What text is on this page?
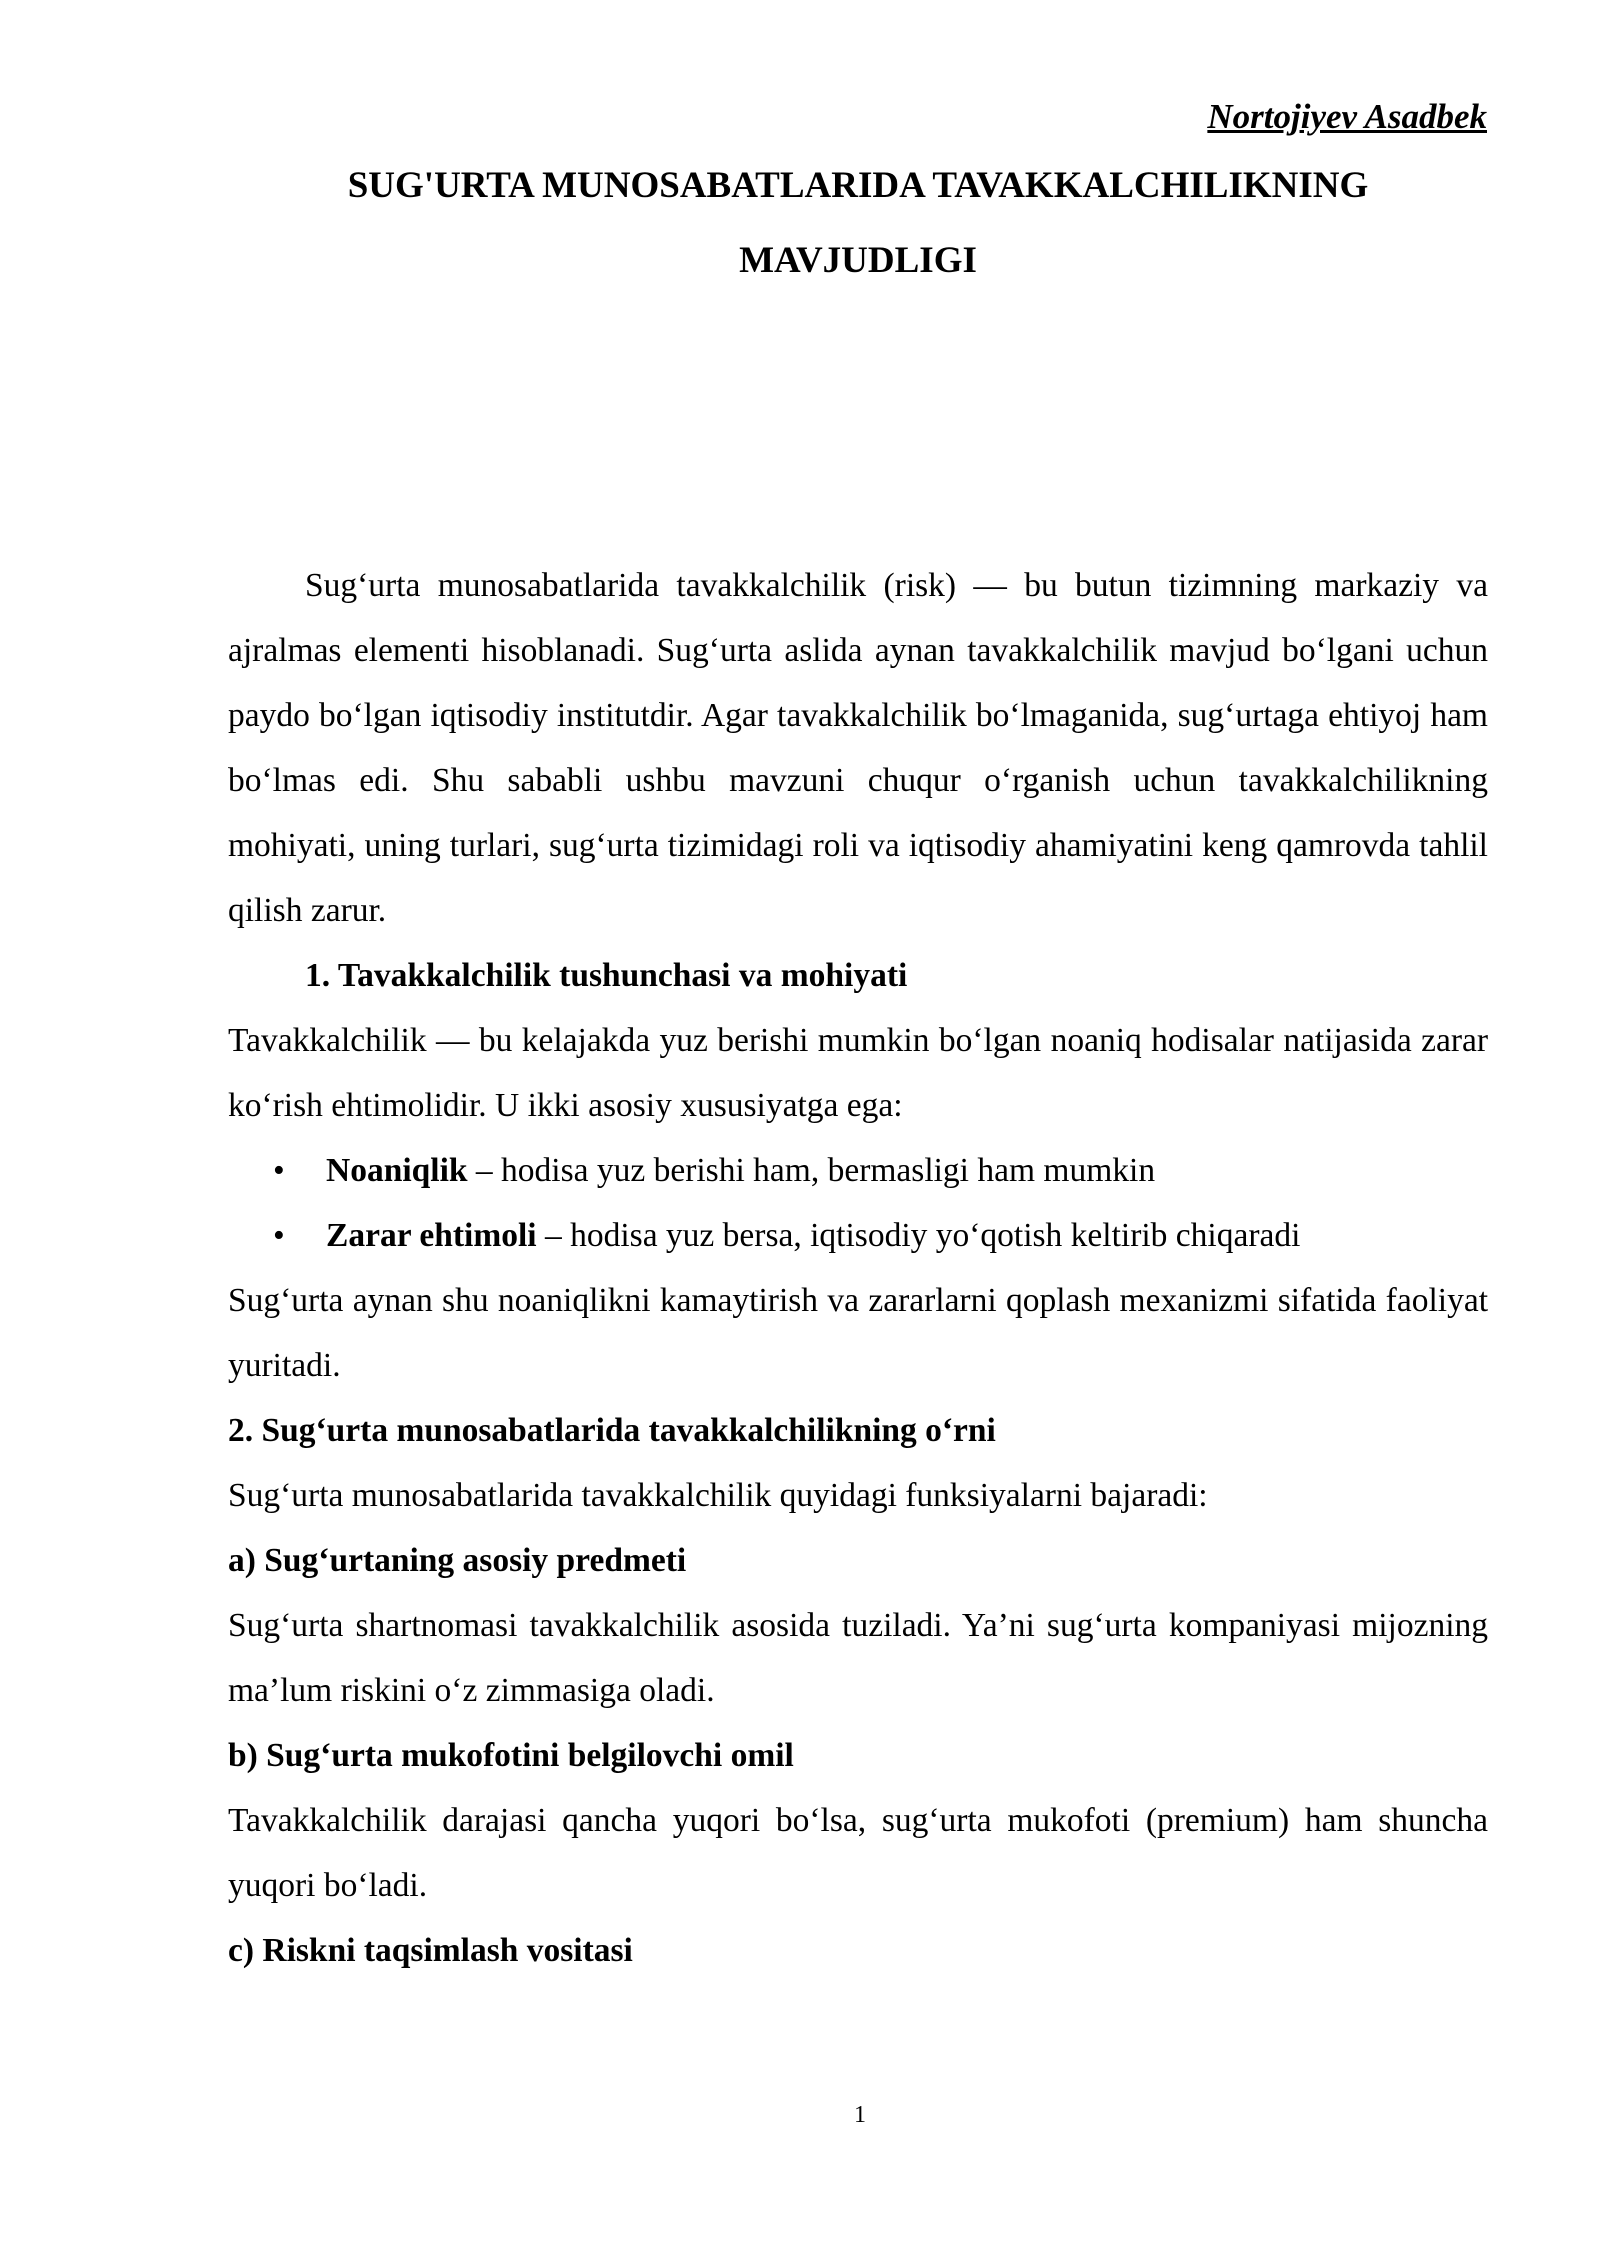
Nortojiyev Asadbek
SUG'URTA MUNOSABATLARIDA TAVAKKALCHILIKNING
MAVJUDLIGI

Sug‘urta munosabatlarida tavakkalchilik (risk) — bu butun tizimning markaziy va ajralmas elementi hisoblanadi. Sug‘urta aslida aynan tavakkalchilik mavjud bo‘lgani uchun paydo bo‘lgan iqtisodiy institutdir. Agar tavakkalchilik bo‘lmaganida, sug‘urtaga ehtiyoj ham bo‘lmas edi. Shu sababli ushbu mavzuni chuqur o‘rganish uchun tavakkalchilikning mohiyati, uning turlari, sug‘urta tizimidagi roli va iqtisodiy ahamiyatini keng qamrovda tahlil qilish zarur.

1. Tavakkalchilik tushunchasi va mohiyati

Tavakkalchilik — bu kelajakda yuz berishi mumkin bo‘lgan noaniq hodisalar natijasida zarar ko‘rish ehtimolidir. U ikki asosiy xususiyatga ega:

• Noaniqlik – hodisa yuz berishi ham, bermasligi ham mumkin
• Zarar ehtimoli – hodisa yuz bersa, iqtisodiy yo‘qotish keltirib chiqaradi

Sug‘urta aynan shu noaniqlikni kamaytirish va zararlarni qoplash mexanizmi sifatida faoliyat yuritadi.

2. Sug‘urta munosabatlarida tavakkalchilikning o‘rni

Sug‘urta munosabatlarida tavakkalchilik quyidagi funksiyalarni bajaradi:

a) Sug‘urtaning asosiy predmeti

Sug‘urta shartnomasi tavakkalchilik asosida tuziladi. Ya’ni sug‘urta kompaniyasi mijozning ma’lum riskini o‘z zimmasiga oladi.

b) Sug‘urta mukofotini belgilovchi omil

Tavakkalchilik darajasi qancha yuqori bo‘lsa, sug‘urta mukofoti (premium) ham shuncha yuqori bo‘ladi.

c) Riskni taqsimlash vositasi

1
